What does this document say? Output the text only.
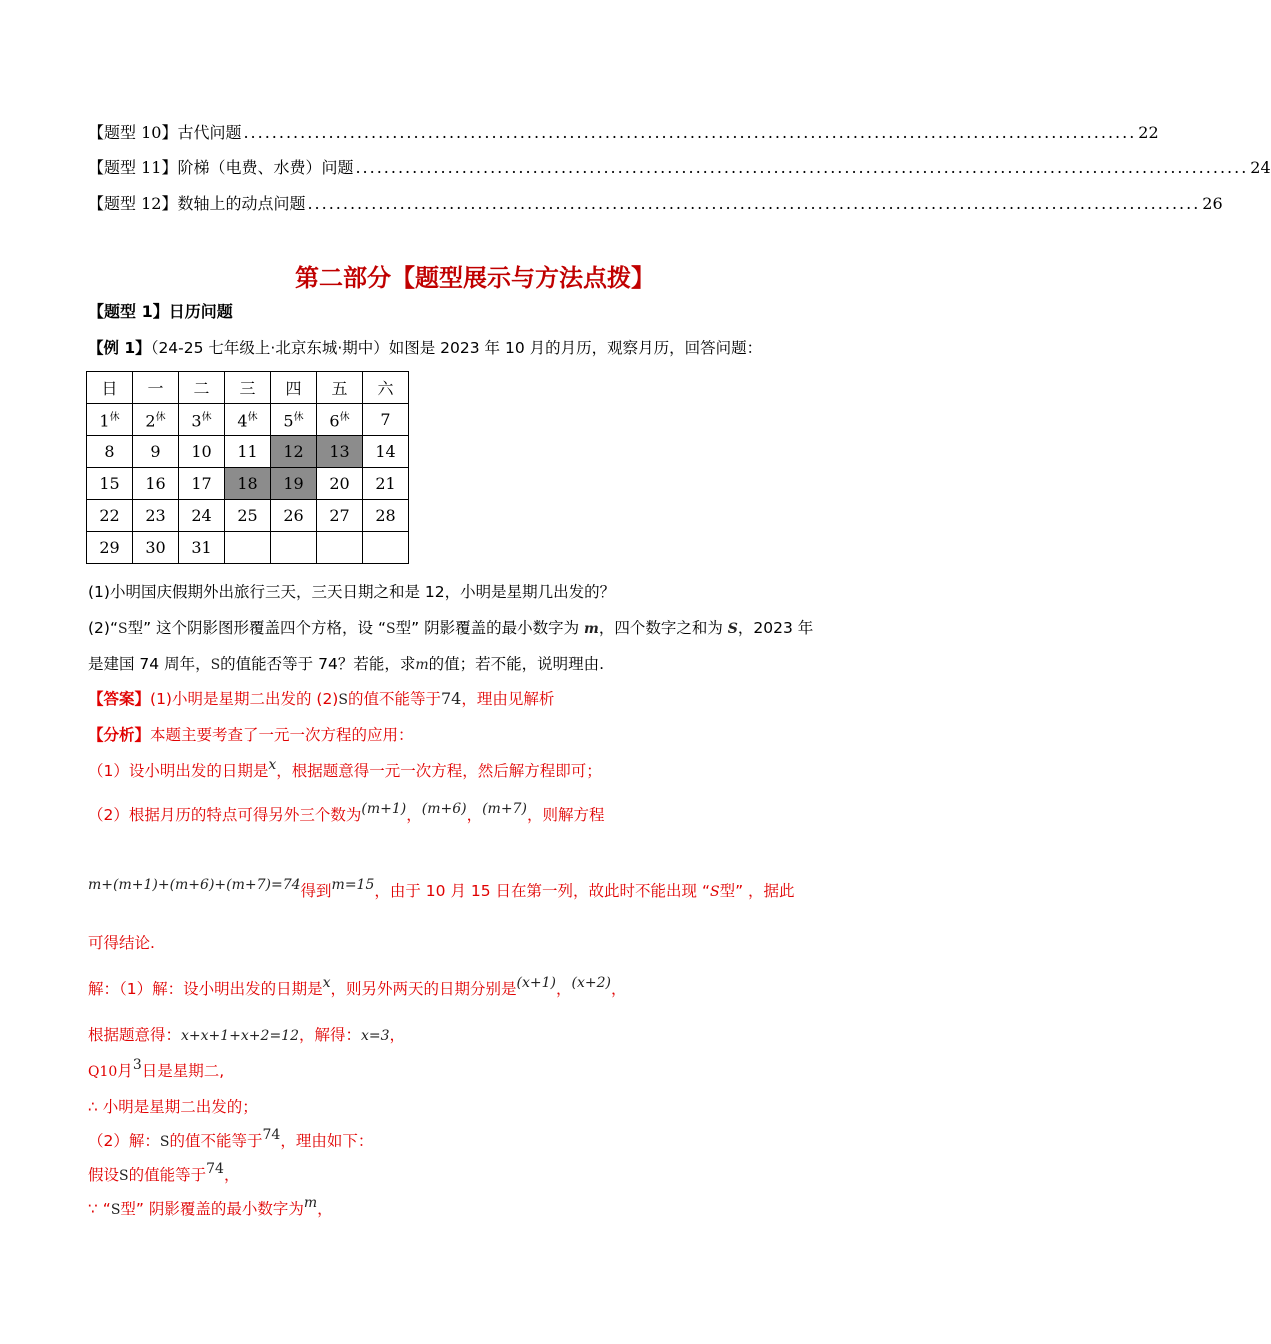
【题型 10】古代问题 .............................................................................................................................. 22
【题型 11】阶梯（电费、水费）问题 .............................................................................................................................. 24
【题型 12】数轴上的动点问题 .............................................................................................................................. 26
第二部分【题型展示与方法点拨】
【题型 1】日历问题
【例 1】（24-25 七年级上·北京东城·期中）如图是 2023 年 10 月的月历，观察月历，回答问题：
日	一	二	三	四	五	六
$1^休$	$2^休$	$3^休$	$4^休$	$5^休$	$6^休$	7
8	9	10	11	12	13	14
15	16	17	18	19	20	21
22	23	24	25	26	27	28
29	30	31				
(1)小明国庆假期外出旅行三天，三天日期之和是 12，小明是星期几出发的？
(2)“S型” 这个阴影图形覆盖四个方格，设 “S型” 阴影覆盖的最小数字为 m，四个数字之和为 S，2023 年
是建国 74 周年，S的值能否等于 74？若能，求m的值；若不能，说明理由.
【答案】(1)小明是星期二出发的 (2)S的值不能等于74，理由见解析
【分析】本题主要考查了一元一次方程的应用：
（1）设小明出发的日期是x，根据题意得一元一次方程，然后解方程即可；
（2）根据月历的特点可得另外三个数为(m+1)，(m+6)，(m+7)，则解方程
m+(m+1)+(m+6)+(m+7)=74得到m=15，由于 10 月 15 日在第一列，故此时不能出现 “S型” ，据此
可得结论.
解：（1）解：设小明出发的日期是x，则另外两天的日期分别是(x+1)，(x+2)，
根据题意得：x+x+1+x+2=12，解得：x=3，
Q10月3日是星期二,
∴ 小明是星期二出发的；
（2）解：S的值不能等于74，理由如下：
假设S的值能等于74，
∵ “S型” 阴影覆盖的最小数字为m，
